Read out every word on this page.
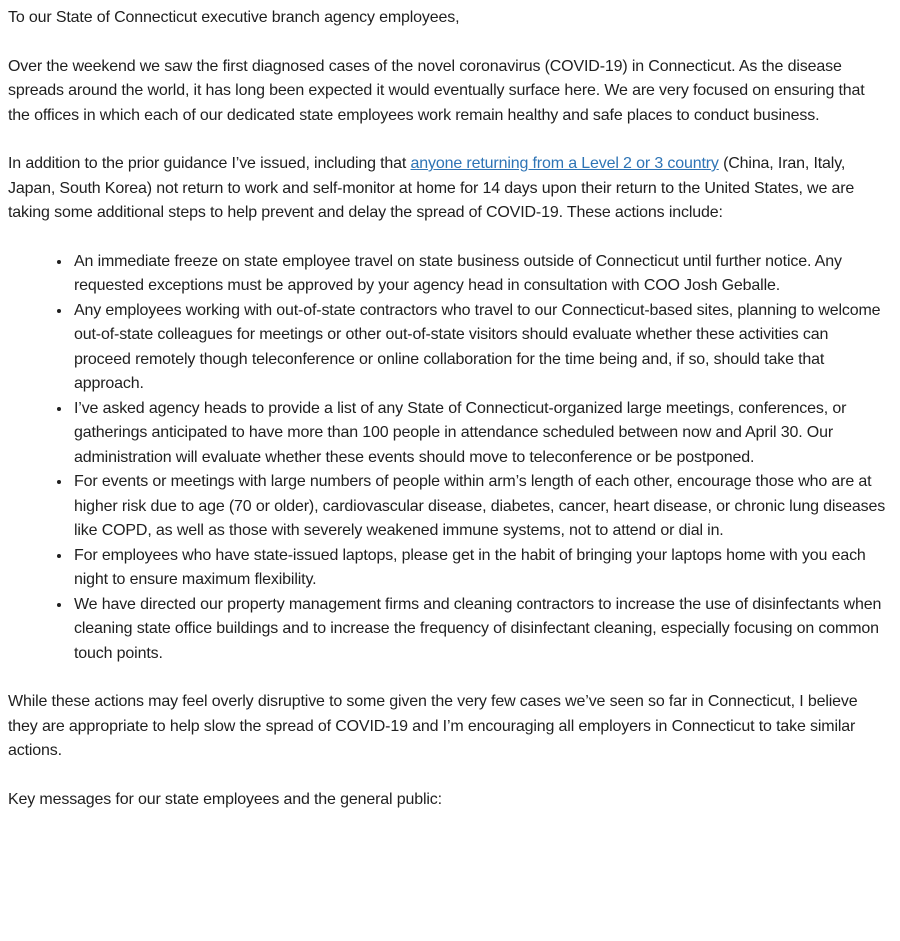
To our State of Connecticut executive branch agency employees,

Over the weekend we saw the first diagnosed cases of the novel coronavirus (COVID-19) in Connecticut. As the disease spreads around the world, it has long been expected it would eventually surface here. We are very focused on ensuring that the offices in which each of our dedicated state employees work remain healthy and safe places to conduct business.

In addition to the prior guidance I’ve issued, including that anyone returning from a Level 2 or 3 country (China, Iran, Italy, Japan, South Korea) not return to work and self-monitor at home for 14 days upon their return to the United States, we are taking some additional steps to help prevent and delay the spread of COVID-19. These actions include:

• An immediate freeze on state employee travel on state business outside of Connecticut until further notice. Any requested exceptions must be approved by your agency head in consultation with COO Josh Geballe.
• Any employees working with out-of-state contractors who travel to our Connecticut-based sites, planning to welcome out-of-state colleagues for meetings or other out-of-state visitors should evaluate whether these activities can proceed remotely though teleconference or online collaboration for the time being and, if so, should take that approach.
• I’ve asked agency heads to provide a list of any State of Connecticut-organized large meetings, conferences, or gatherings anticipated to have more than 100 people in attendance scheduled between now and April 30. Our administration will evaluate whether these events should move to teleconference or be postponed.
• For events or meetings with large numbers of people within arm’s length of each other, encourage those who are at higher risk due to age (70 or older), cardiovascular disease, diabetes, cancer, heart disease, or chronic lung diseases like COPD, as well as those with severely weakened immune systems, not to attend or dial in.
• For employees who have state-issued laptops, please get in the habit of bringing your laptops home with you each night to ensure maximum flexibility.
• We have directed our property management firms and cleaning contractors to increase the use of disinfectants when cleaning state office buildings and to increase the frequency of disinfectant cleaning, especially focusing on common touch points.

While these actions may feel overly disruptive to some given the very few cases we’ve seen so far in Connecticut, I believe they are appropriate to help slow the spread of COVID-19 and I’m encouraging all employers in Connecticut to take similar actions.

Key messages for our state employees and the general public:
